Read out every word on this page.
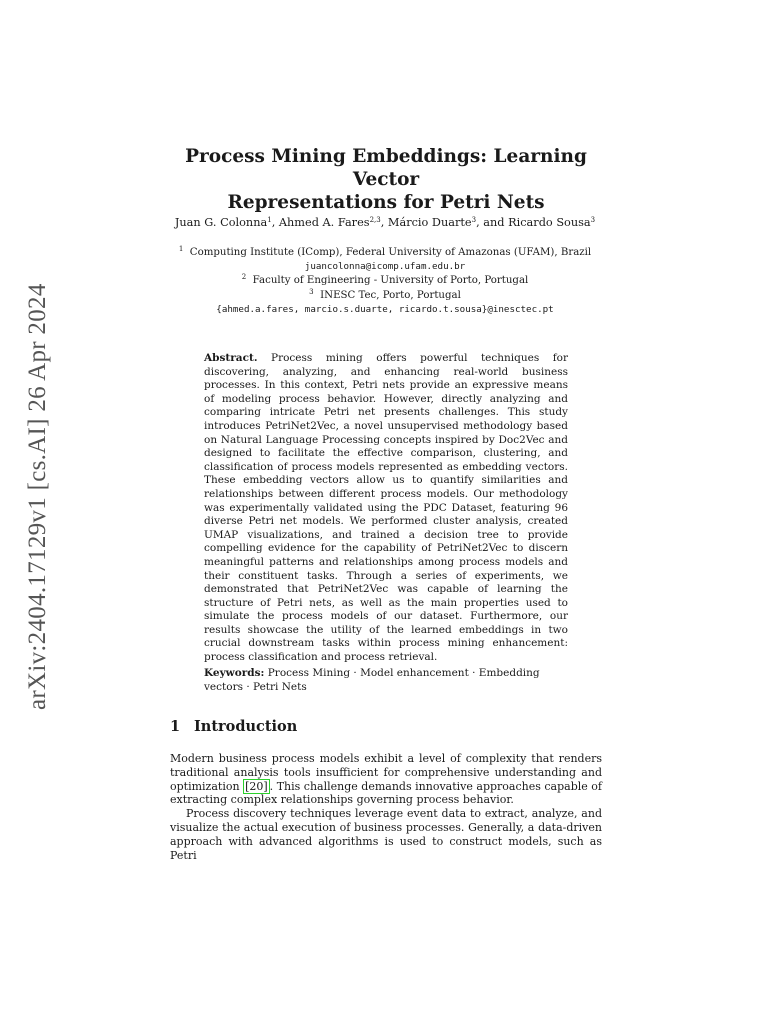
arXiv:2404.17129v1 [cs.AI] 26 Apr 2024
Process Mining Embeddings: Learning Vector
Representations for Petri Nets
Juan G. Colonna$^1$, Ahmed A. Fares$^{2,3}$, Márcio Duarte$^3$, and Ricardo Sousa$^3$
$^1$ Computing Institute (IComp), Federal University of Amazonas (UFAM), Brazil
juancolonna@icomp.ufam.edu.br
$^2$ Faculty of Engineering - University of Porto, Portugal
$^3$ INESC Tec, Porto, Portugal
{ahmed.a.fares, marcio.s.duarte, ricardo.t.sousa}@inesctec.pt
Abstract. Process mining offers powerful techniques for discovering, analyzing, and enhancing real-world business processes. In this context, Petri nets provide an expressive means of modeling process behavior. However, directly analyzing and comparing intricate Petri net presents challenges. This study introduces PetriNet2Vec, a novel unsupervised methodology based on Natural Language Processing concepts inspired by Doc2Vec and designed to facilitate the effective comparison, clustering, and classification of process models represented as embedding vectors. These embedding vectors allow us to quantify similarities and relationships between different process models. Our methodology was experimentally validated using the PDC Dataset, featuring 96 diverse Petri net models. We performed cluster analysis, created UMAP visualizations, and trained a decision tree to provide compelling evidence for the capability of PetriNet2Vec to discern meaningful patterns and relationships among process models and their constituent tasks. Through a series of experiments, we demonstrated that PetriNet2Vec was capable of learning the structure of Petri nets, as well as the main properties used to simulate the process models of our dataset. Furthermore, our results showcase the utility of the learned embeddings in two crucial downstream tasks within process mining enhancement: process classification and process retrieval.
Keywords: Process Mining · Model enhancement · Embedding vectors · Petri Nets
1 Introduction

Modern business process models exhibit a level of complexity that renders traditional analysis tools insufficient for comprehensive understanding and optimization [20] . This challenge demands innovative approaches capable of extracting complex relationships governing process behavior.

Process discovery techniques leverage event data to extract, analyze, and visualize the actual execution of business processes. Generally, a data-driven approach with advanced algorithms is used to construct models, such as Petri
